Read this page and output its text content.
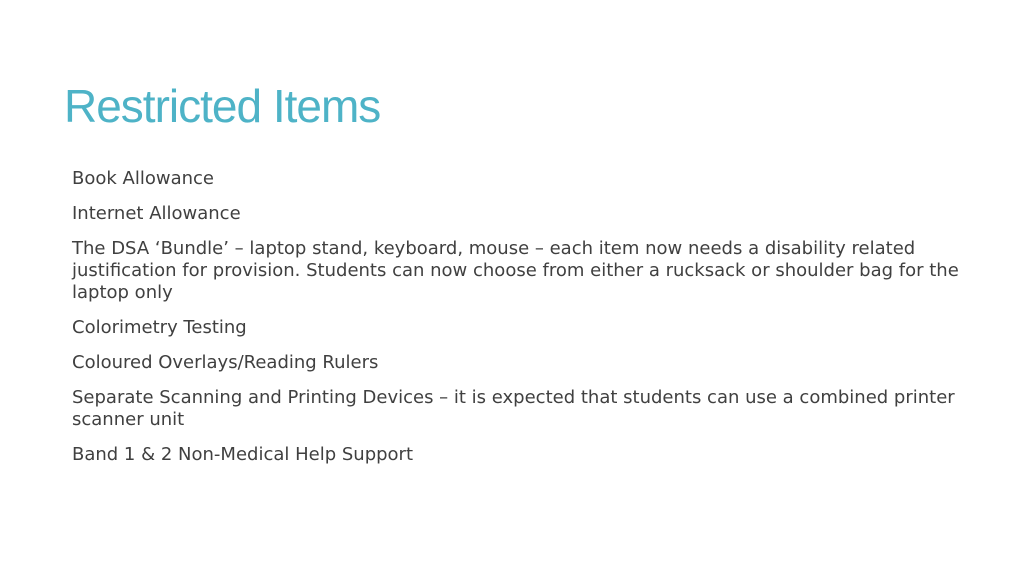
Restricted Items
Book Allowance
Internet Allowance
The DSA ‘Bundle’ – laptop stand, keyboard, mouse – each item now needs a disability related justification for provision. Students can now choose from either a rucksack or shoulder bag for the laptop only
Colorimetry Testing
Coloured Overlays/Reading Rulers
Separate Scanning and Printing Devices – it is expected that students can use a combined printer scanner unit
Band 1 & 2 Non-Medical Help Support
